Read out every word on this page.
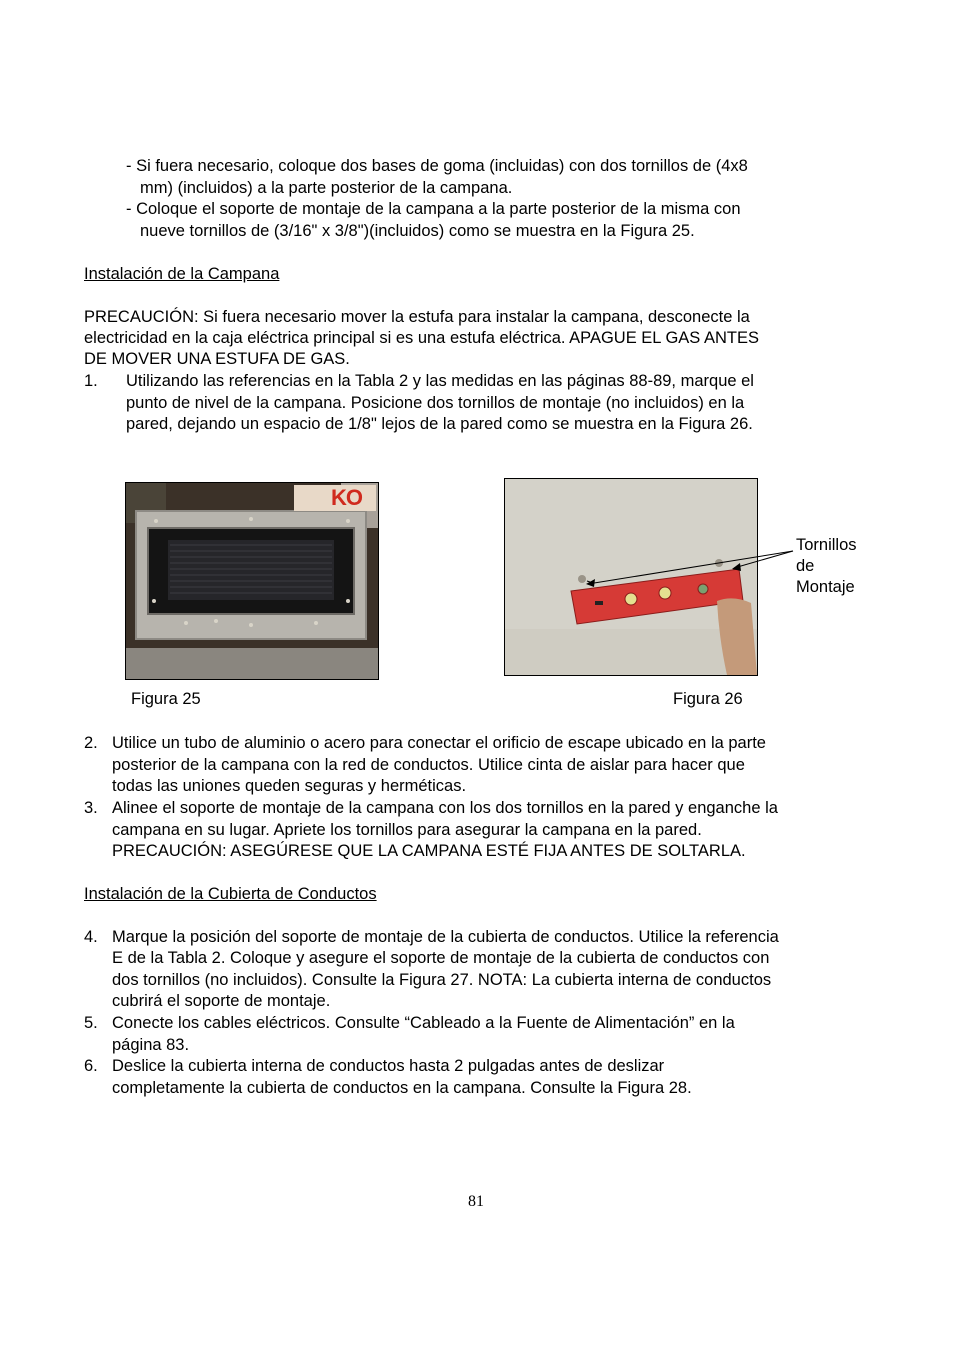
- Si fuera necesario, coloque dos bases de goma (incluidas) con dos tornillos de (4x8
mm) (incluidos) a la parte posterior de la campana.
- Coloque el soporte de montaje de la campana a la parte posterior de la misma con
nueve tornillos de (3/16" x 3/8")(incluidos) como se muestra en la Figura 25.
Instalación de la Campana
PRECAUCIÓN: Si fuera necesario mover la estufa para instalar la campana, desconecte la
electricidad en la caja eléctrica principal si es una estufa eléctrica. APAGUE EL GAS ANTES
DE MOVER UNA ESTUFA DE GAS.
1. Utilizando las referencias en la Tabla 2 y las medidas en las páginas 88-89, marque el
punto de nivel de la campana. Posicione dos tornillos de montaje (no incluidos) en la
pared, dejando un espacio de 1/8" lejos de la pared como se muestra en la Figura 26.
KO
Tornillos
de
Montaje
Figura 25	Figura 26
2. Utilice un tubo de aluminio o acero para conectar el orificio de escape ubicado en la parte
posterior de la campana con la red de conductos. Utilice cinta de aislar para hacer que
todas las uniones queden seguras y herméticas.
3. Alinee el soporte de montaje de la campana con los dos tornillos en la pared y enganche la
campana en su lugar. Apriete los tornillos para asegurar la campana en la pared.
PRECAUCIÓN: ASEGÚRESE QUE LA CAMPANA ESTÉ FIJA ANTES DE SOLTARLA.
Instalación de la Cubierta de Conductos
4. Marque la posición del soporte de montaje de la cubierta de conductos. Utilice la referencia
E de la Tabla 2. Coloque y asegure el soporte de montaje de la cubierta de conductos con
dos tornillos (no incluidos). Consulte la Figura 27. NOTA: La cubierta interna de conductos
cubrirá el soporte de montaje.
5. Conecte los cables eléctricos. Consulte “Cableado a la Fuente de Alimentación” en la
página 83.
6. Deslice la cubierta interna de conductos hasta 2 pulgadas antes de deslizar
completamente la cubierta de conductos en la campana. Consulte la Figura 28.
81
